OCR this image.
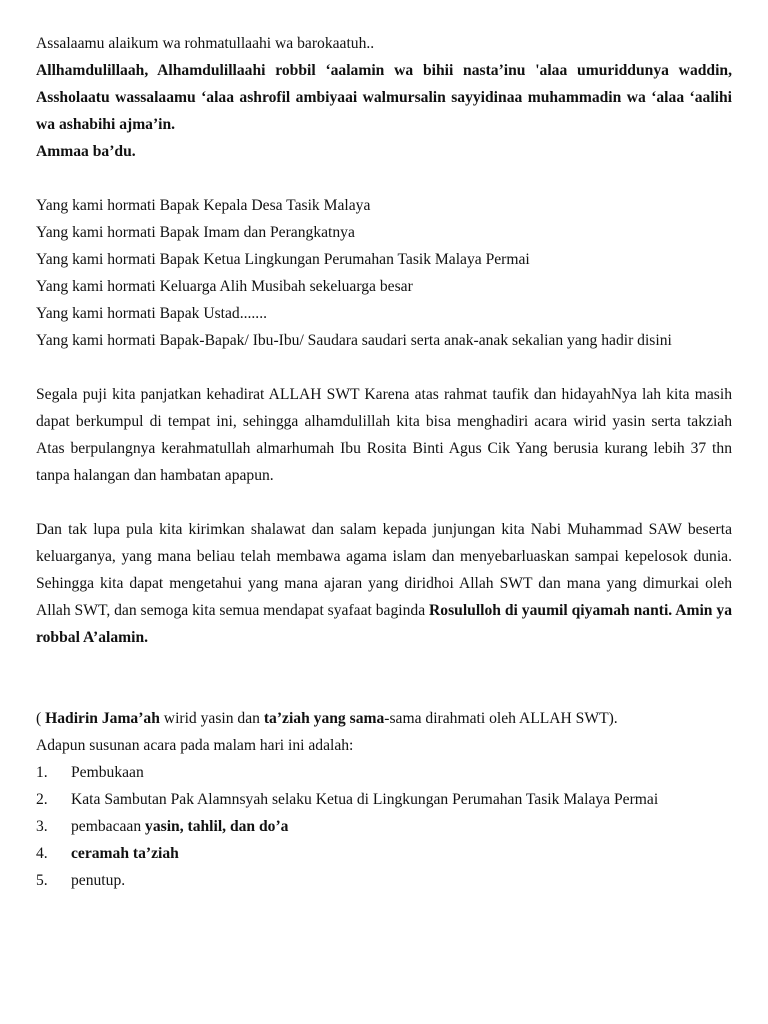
Assalaamu alaikum wa rohmatullaahi wa barokaatuh..

Allhamdulillaah, Alhamdulillaahi robbil ‘aalamin wa bihii nasta’inu 'alaa umuriddunya waddin, Assholaatu wassalaamu ‘alaa ashrofil ambiyaai walmursalin sayyidinaa muhammadin wa ‘alaa ‘aalihi wa ashabihi ajma’in.

Ammaa ba’du.

Yang kami hormati Bapak Kepala Desa Tasik Malaya

Yang kami hormati Bapak Imam dan Perangkatnya

Yang kami hormati Bapak Ketua Lingkungan Perumahan Tasik Malaya Permai

Yang kami hormati Keluarga Alih Musibah sekeluarga besar

Yang kami hormati Bapak Ustad.......

Yang kami hormati Bapak-Bapak/ Ibu-Ibu/ Saudara saudari serta anak-anak sekalian yang hadir disini

Segala puji kita panjatkan kehadirat ALLAH SWT Karena atas rahmat taufik dan hidayahNya lah kita masih dapat berkumpul di tempat ini, sehingga alhamdulillah kita bisa menghadiri acara wirid yasin serta takziah Atas berpulangnya kerahmatullah almarhumah Ibu Rosita Binti Agus Cik Yang berusia kurang lebih 37 thn tanpa halangan dan hambatan apapun.

Dan tak lupa pula kita kirimkan shalawat dan salam kepada junjungan kita Nabi Muhammad SAW beserta keluarganya, yang mana beliau telah membawa agama islam dan menyebarluaskan sampai kepelosok dunia. Sehingga kita dapat mengetahui yang mana ajaran yang diridhoi Allah SWT dan mana yang dimurkai oleh Allah SWT, dan semoga kita semua mendapat syafaat baginda Rosululloh di yaumil qiyamah nanti. Amin ya robbal A’alamin.

( Hadirin Jama’ah wirid yasin dan ta’ziah yang sama-sama dirahmati oleh ALLAH SWT).

Adapun susunan acara pada malam hari ini adalah:

1.	Pembukaan
2.	Kata Sambutan Pak Alamnsyah selaku Ketua di Lingkungan Perumahan Tasik Malaya Permai
3.	pembacaan yasin, tahlil, dan do’a
4.	ceramah ta’ziah
5.	penutup.
